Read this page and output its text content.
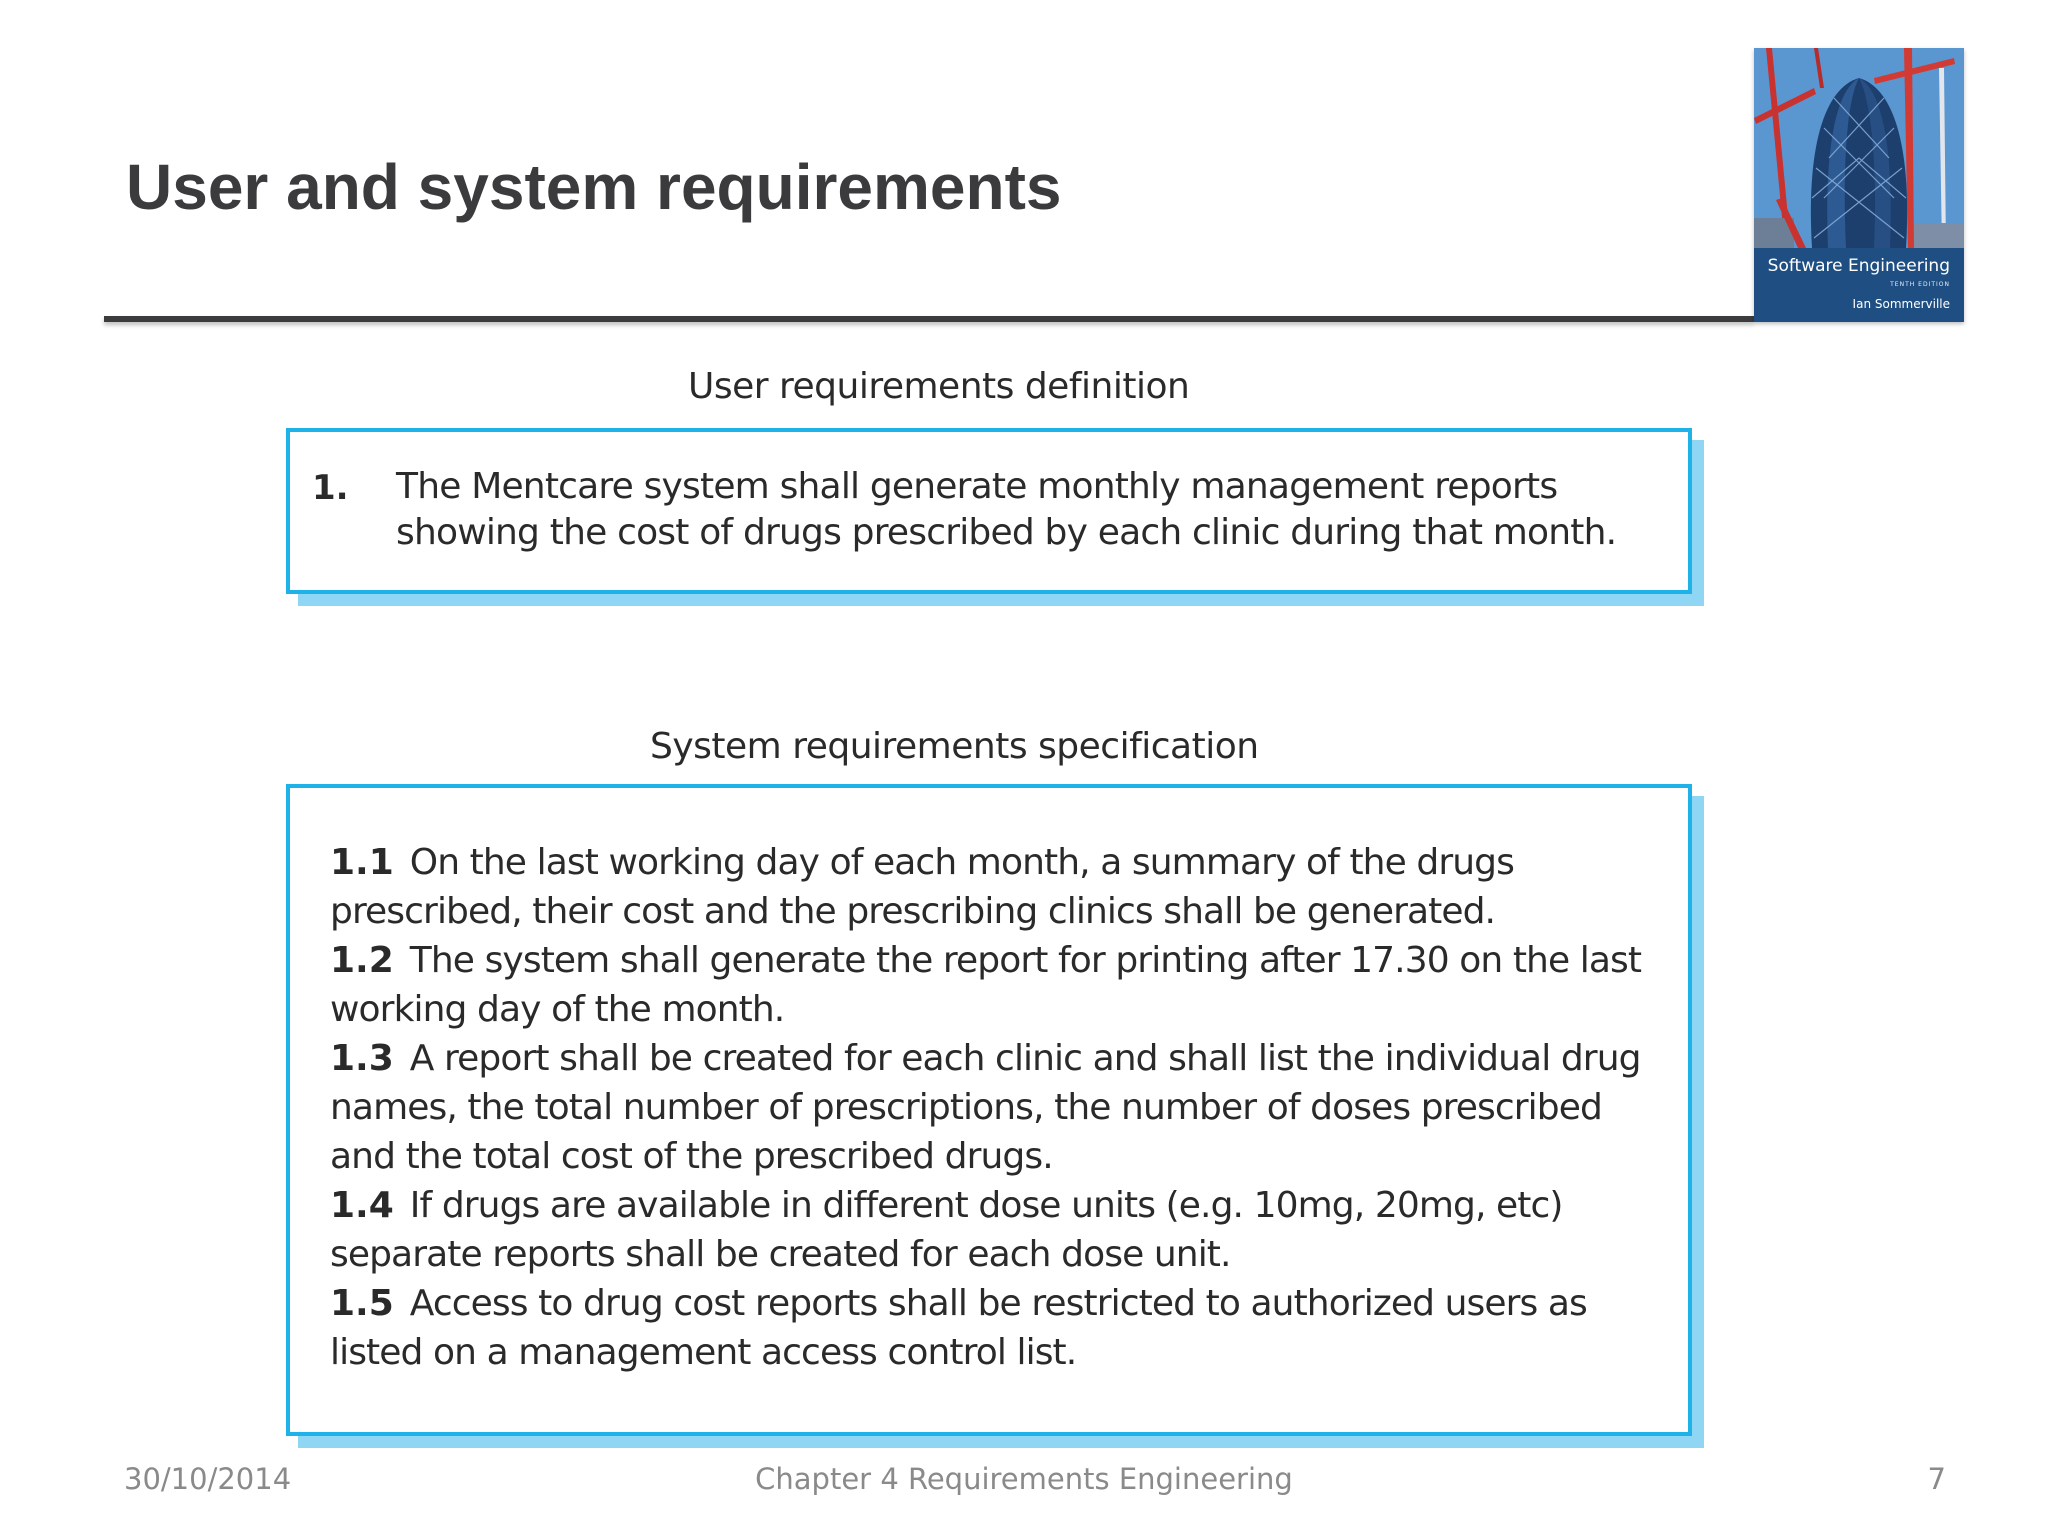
User and system requirements
Software Engineering
TENTH EDITION
Ian Sommerville
User requirements definition
1. The Mentcare system shall generate monthly management reports showing the cost of drugs prescribed by each clinic during that month.
System requirements specification
1.1 On the last working day of each month, a summary of the drugs prescribed, their cost and the prescribing clinics shall be generated.
1.2 The system shall generate the report for printing after 17.30 on the last working day of the month.
1.3 A report shall be created for each clinic and shall list the individual drug names, the total number of prescriptions, the number of doses prescribed and the total cost of the prescribed drugs.
1.4 If drugs are available in different dose units (e.g. 10mg, 20mg, etc) separate reports shall be created for each dose unit.
1.5 Access to drug cost reports shall be restricted to authorized users as listed on a management access control list.
30/10/2014	Chapter 4 Requirements Engineering	7
